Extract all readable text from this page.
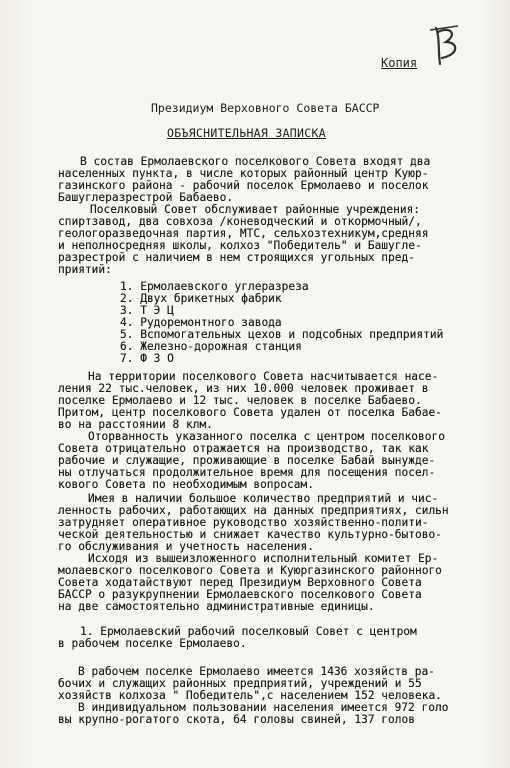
Копия
Президиум Верховного Совета БАССР
ОБЪЯСНИТЕЛЬНАЯ ЗАПИСКА
В состав Ермолаевского поселкового Совета входят два
населенных пункта, в числе которых районный центр Куюр-
газинского района - рабочий поселок Ермолаево и поселок
Башуглеразрестрой Бабаево.
Поселковый Совет обслуживает районные учреждения:
спиртзавод, два совхоза /коневодческий и откормочный/,
геологоразведочная партия, МТС, сельхозтехникум,средняя
и неполносредняя школы, колхоз "Победитель" и Башугле-
разрестрой с наличием в нем строящихся угольных пред-
приятий:
1. Ермолаевского углеразреза
2. Двух брикетных фабрик
3. Т Э Ц
4. Рудоремонтного завода
5. Вспомогательных цехов и подсобных предприятий
6. Железно-дорожная станция
7. Ф З О
На территории поселкового Совета насчитывается насе-
ления 22 тыс.человек, из них 10.000 человек проживает в
поселке Ермолаево и 12 тыс. человек в поселке Бабаево.
Притом, центр поселкового Совета удален от поселка Бабае-
во на расстоянии 8 клм.
Оторванность указанного поселка с центром поселкового
Совета отрицательно отражается на производство, так как
рабочие и служащие, проживающие в поселке Бабай вынужде-
ны отлучаться продолжительное время для посещения посел-
кового Совета по необходимым вопросам.
Имея в наличии большое количество предприятий и чис-
ленность рабочих, работающих на данных предприятиях, сильн
затрудняет оперативное руководство хозяйственно-полити-
ческой деятельностью и снижает качество культурно-бытово-
го обслуживания и учетность населения.
Исходя из вышеизложенного исполнительный комитет Ер-
молаевского поселкового Совета и Куюргазинского районного
Совета ходатайствуют перед Президиум Верховного Совета
БАССР о разукрупнении Ермолаевского поселкового Совета
на две самостоятельно административные единицы.
1. Ермолаевский рабочий поселковый Совет с центром
в рабочем поселке Ермолаево.
В рабочем поселке Ермолаево имеется 1436 хозяйств ра-
бочих и служащих районных предприятий, учреждений и 55
хозяйств колхоза " Победитель",с населением 152 человека.
В индивидуальном пользовании населения имеется 972 голо
вы крупно-рогатого скота, 64 головы свиней, 137 голов
